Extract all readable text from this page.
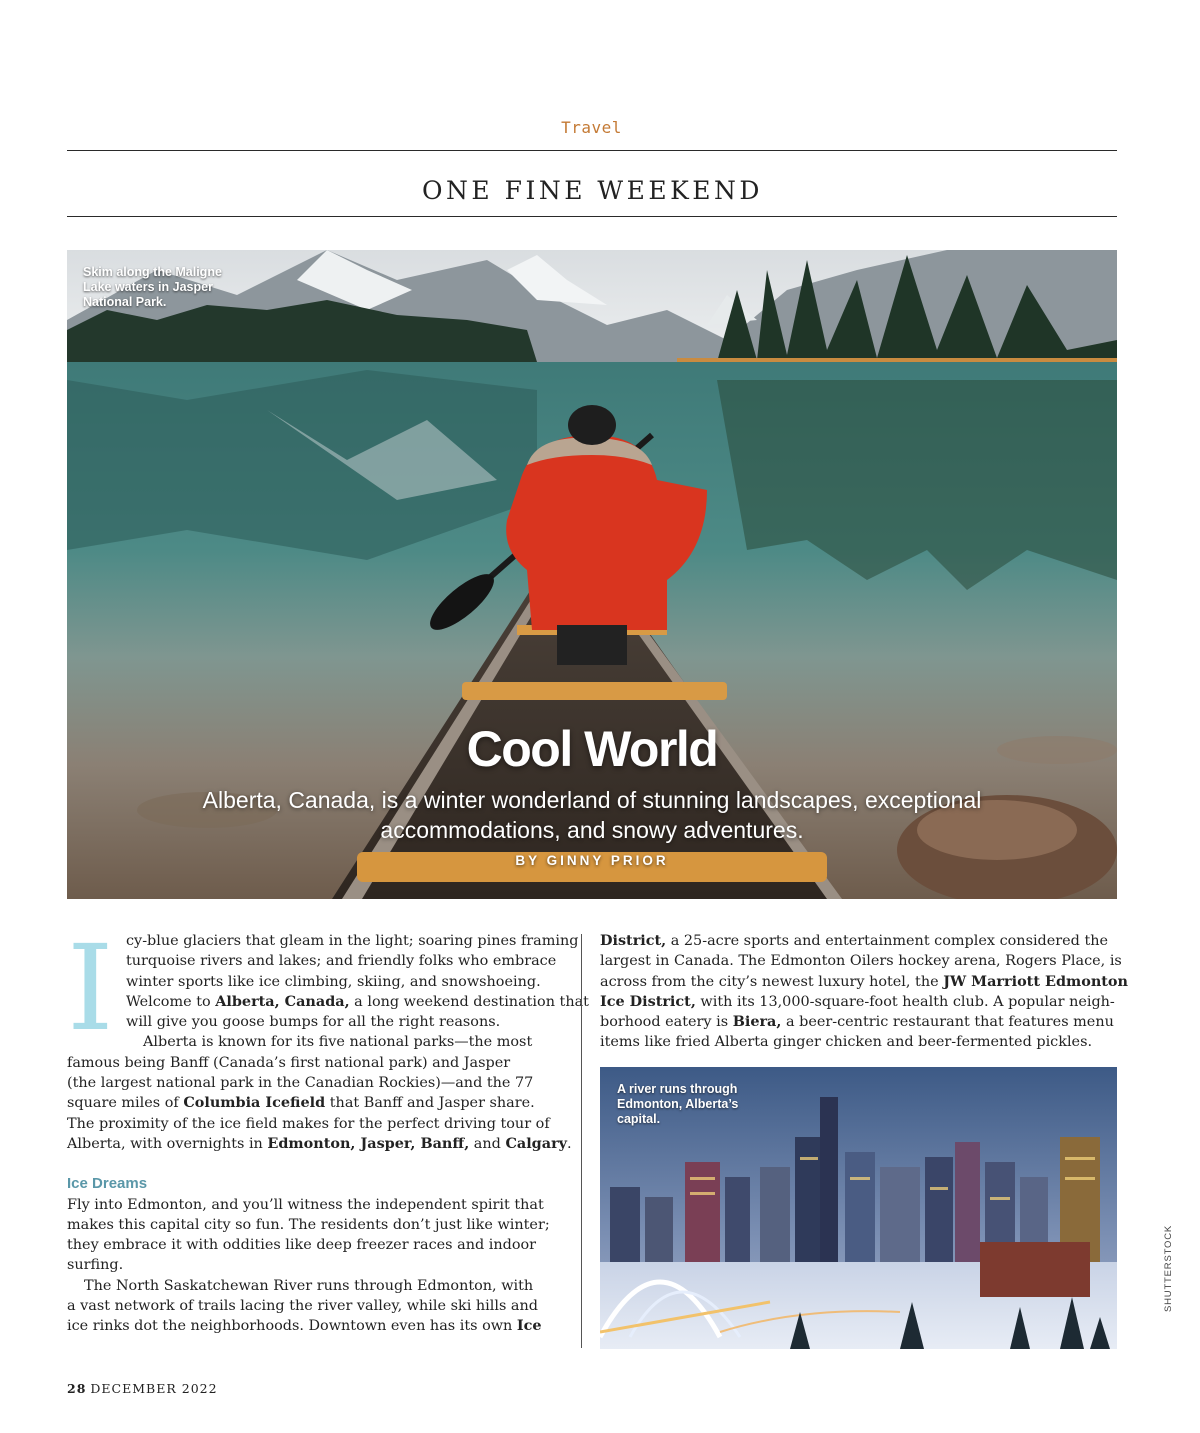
Travel
ONE FINE WEEKEND
Skim along the Maligne Lake waters in Jasper National Park.
Cool World
Alberta, Canada, is a winter wonderland of stunning landscapes, exceptional accommodations, and snowy adventures.
BY GINNY PRIOR
I cy-blue glaciers that gleam in the light; soaring pines framing
turquoise rivers and lakes; and friendly folks who embrace
winter sports like ice climbing, skiing, and snowshoeing.
Welcome to Alberta, Canada, a long weekend destination that
will give you goose bumps for all the right reasons.
Alberta is known for its five national parks—the most
famous being Banff (Canada’s first national park) and Jasper
(the largest national park in the Canadian Rockies)—and the 77
square miles of Columbia Icefield that Banff and Jasper share.
The proximity of the ice field makes for the perfect driving tour of
Alberta, with overnights in Edmonton, Jasper, Banff, and Calgary.
Ice Dreams
Fly into Edmonton, and you’ll witness the independent spirit that
makes this capital city so fun. The residents don’t just like winter;
they embrace it with oddities like deep freezer races and indoor
surfing.
The North Saskatchewan River runs through Edmonton, with
a vast network of trails lacing the river valley, while ski hills and
ice rinks dot the neighborhoods. Downtown even has its own Ice
District, a 25-acre sports and entertainment complex considered the
largest in Canada. The Edmonton Oilers hockey arena, Rogers Place, is
across from the city’s newest luxury hotel, the JW Marriott Edmonton
Ice District, with its 13,000-square-foot health club. A popular neigh-
borhood eatery is Biera, a beer-centric restaurant that features menu
items like fried Alberta ginger chicken and beer-fermented pickles.
A river runs through Edmonton, Alberta’s capital.
SHUTTERSTOCK
28 DECEMBER 2022
